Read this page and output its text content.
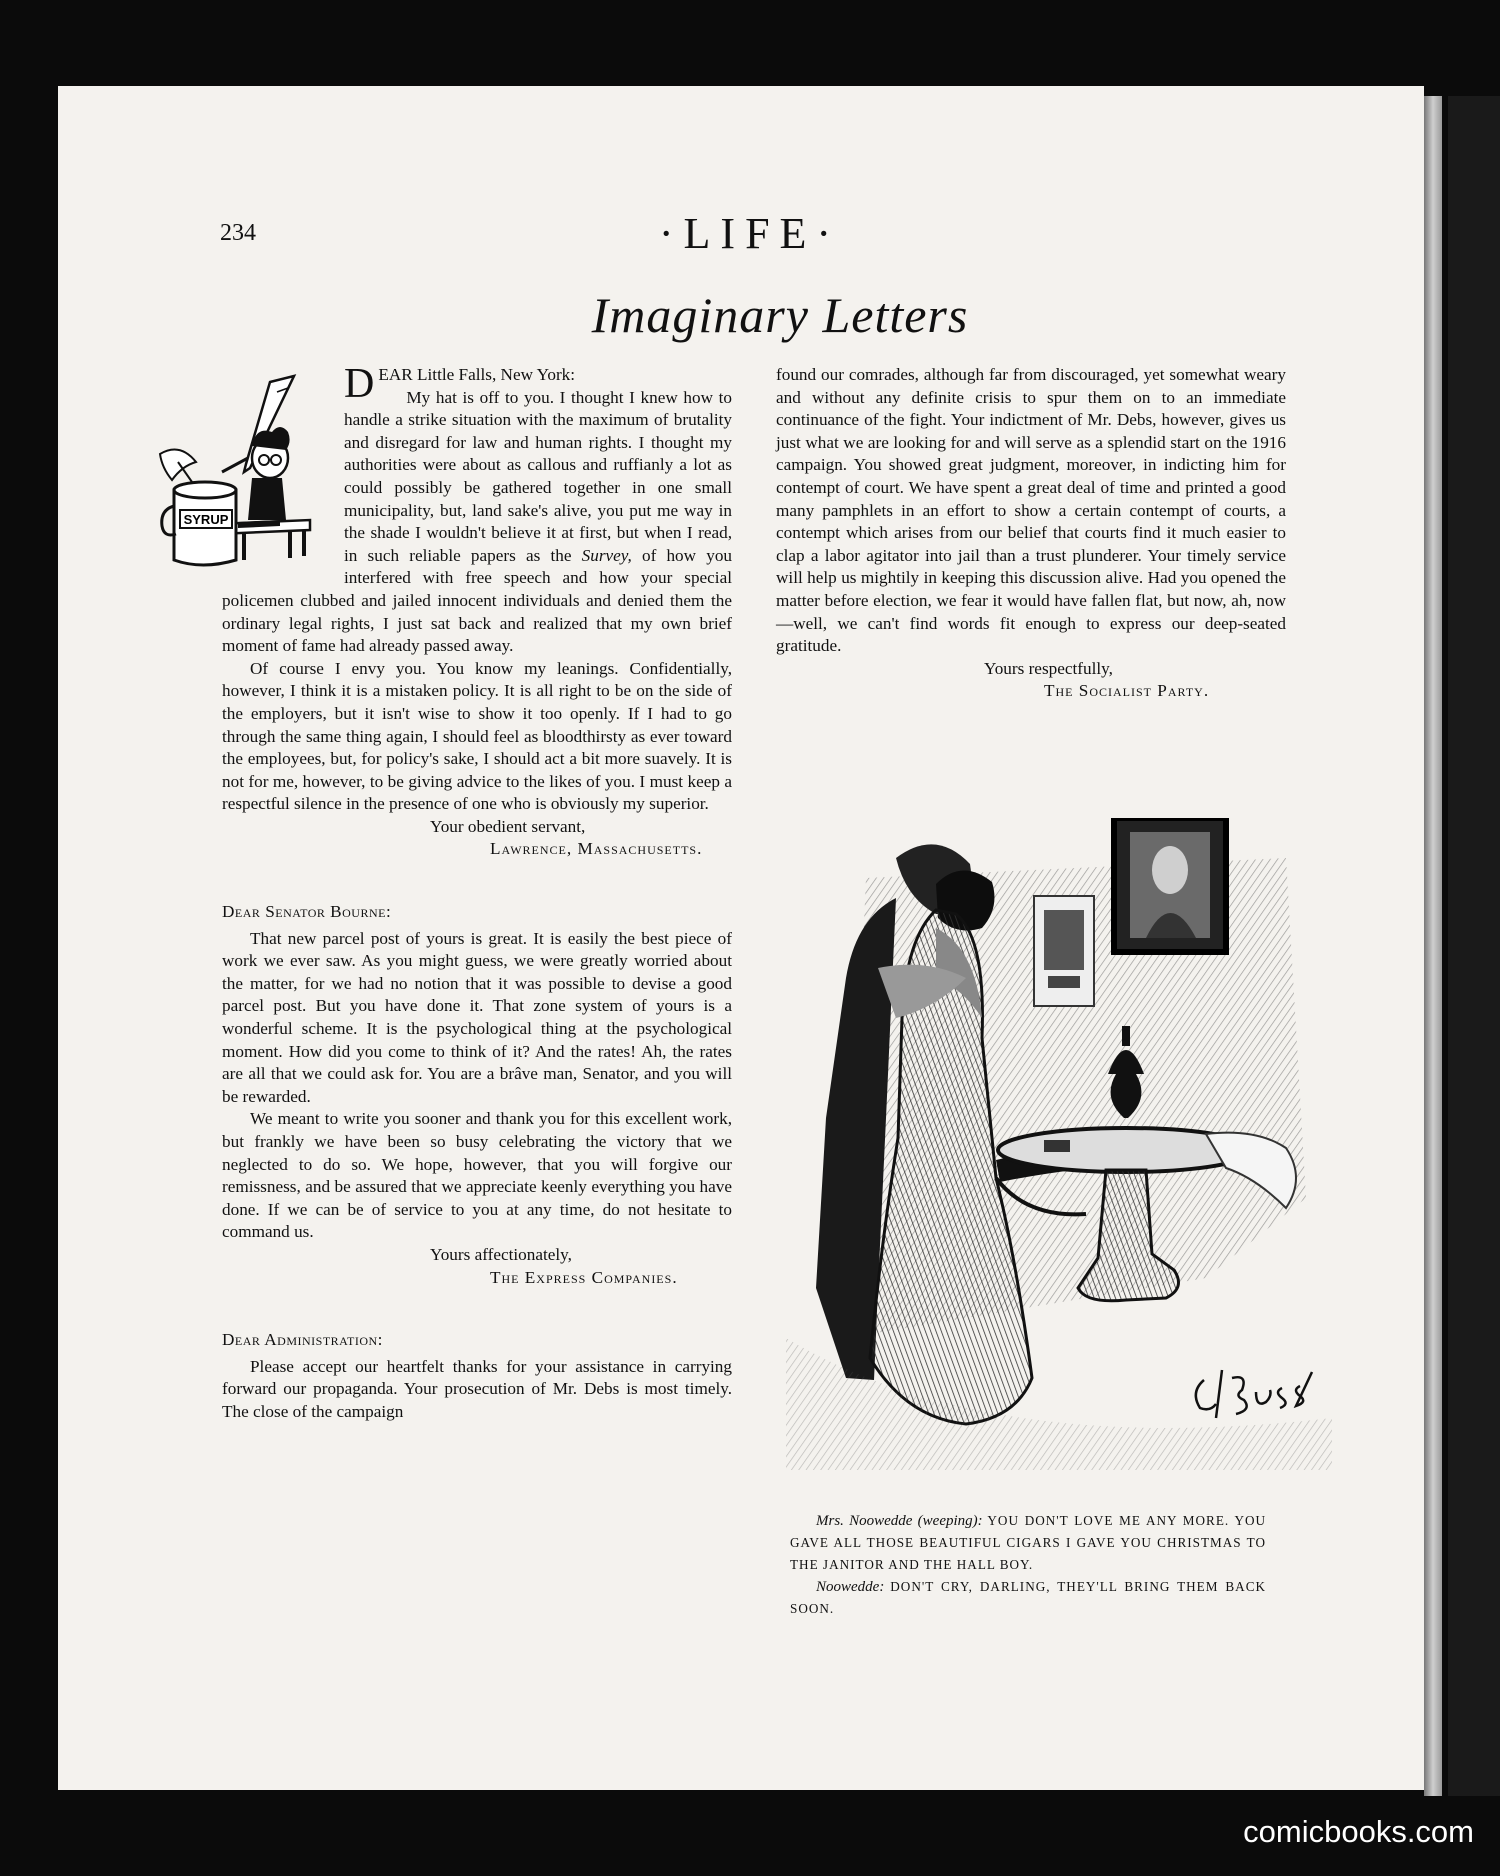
234	·LIFE·
Imaginary Letters
SYRUP

DEAR Little Falls, New York:

My hat is off to you. I thought I knew how to handle a strike situation with the maximum of brutality and disregard for law and human rights. I thought my authorities were about as callous and ruffianly a lot as could possibly be gathered together in one small municipality, but, land sake's alive, you put me way in the shade I wouldn't believe it at first, but when I read, in such reliable papers as the Survey, of how you interfered with free speech and how your special policemen clubbed and jailed innocent individuals and denied them the ordinary legal rights, I just sat back and realized that my own brief moment of fame had already passed away.

Of course I envy you. You know my leanings. Confidentially, however, I think it is a mistaken policy. It is all right to be on the side of the employers, but it isn't wise to show it too openly. If I had to go through the same thing again, I should feel as bloodthirsty as ever toward the employees, but, for policy's sake, I should act a bit more suavely. It is not for me, however, to be giving advice to the likes of you. I must keep a respectful silence in the presence of one who is obviously my superior.

Your obedient servant,

Lawrence, Massachusetts.

Dear Senator Bourne:

That new parcel post of yours is great. It is easily the best piece of work we ever saw. As you might guess, we were greatly worried about the matter, for we had no notion that it was possible to devise a good parcel post. But you have done it. That zone system of yours is a wonderful scheme. It is the psychological thing at the psychological moment. How did you come to think of it? And the rates! Ah, the rates are all that we could ask for. You are a brâve man, Senator, and you will be rewarded.

We meant to write you sooner and thank you for this excellent work, but frankly we have been so busy celebrating the victory that we neglected to do so. We hope, however, that you will forgive our remissness, and be assured that we appreciate keenly everything you have done. If we can be of service to you at any time, do not hesitate to command us.

Yours affectionately,

The Express Companies.

Dear Administration:

Please accept our heartfelt thanks for your assistance in carrying forward our propaganda. Your prosecution of Mr. Debs is most timely. The close of the campaign

found our comrades, although far from discouraged, yet somewhat weary and without any definite crisis to spur them on to an immediate continuance of the fight. Your indictment of Mr. Debs, however, gives us just what we are looking for and will serve as a splendid start on the 1916 campaign. You showed great judgment, moreover, in indicting him for contempt of court. We have spent a great deal of time and printed a good many pamphlets in an effort to show a certain contempt of courts, a contempt which arises from our belief that courts find it much easier to clap a labor agitator into jail than a trust plunderer. Your timely service will help us mightily in keeping this discussion alive. Had you opened the matter before election, we fear it would have fallen flat, but now, ah, now—well, we can't find words fit enough to express our deep-seated gratitude.

Yours respectfully,

The Socialist Party.

Mrs. Noowedde (weeping): YOU DON'T LOVE ME ANY MORE. YOU GAVE ALL THOSE BEAUTIFUL CIGARS I GAVE YOU CHRISTMAS TO THE JANITOR AND THE HALL BOY.

Noowedde: DON'T CRY, DARLING, THEY'LL BRING THEM BACK SOON.

comicbooks.com
